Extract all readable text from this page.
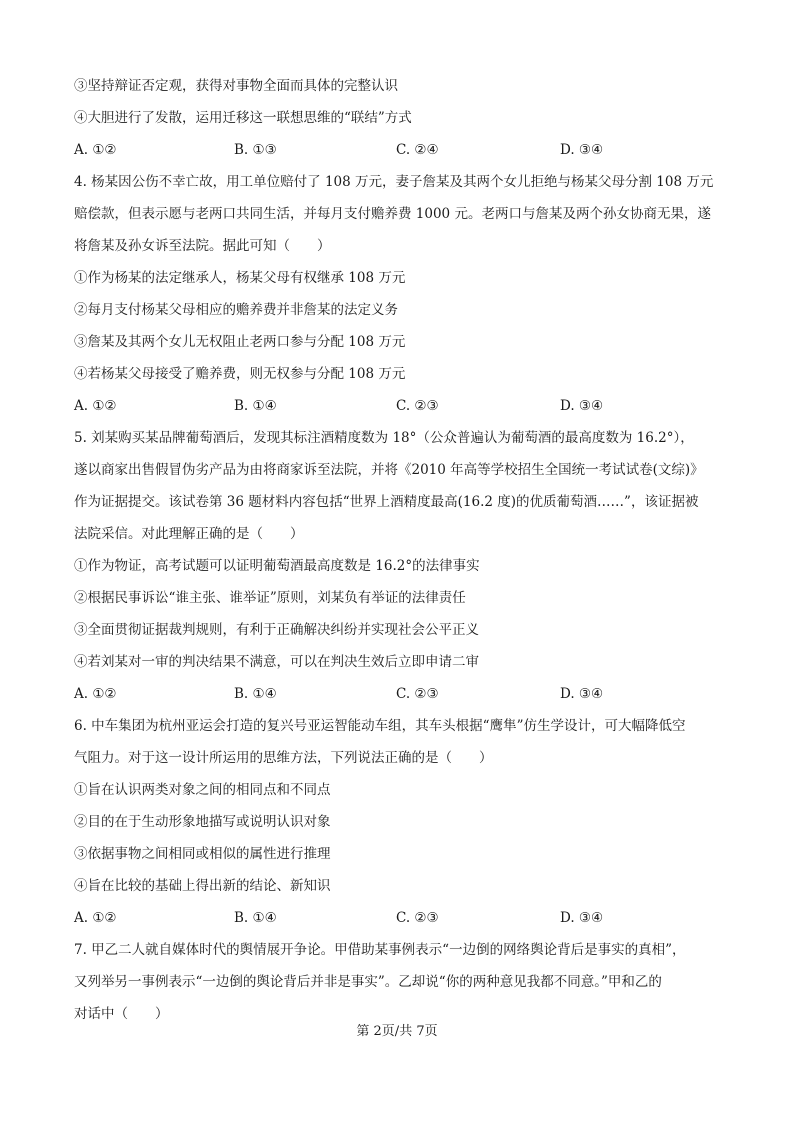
③坚持辩证否定观，获得对事物全面而具体的完整认识
④大胆进行了发散，运用迁移这一联想思维的“联结”方式
A. ①②	B. ①③	C. ②④	D. ③④
4. 杨某因公伤不幸亡故，用工单位赔付了 108 万元，妻子詹某及其两个女儿拒绝与杨某父母分割 108 万元
赔偿款，但表示愿与老两口共同生活，并每月支付赡养费 1000 元。老两口与詹某及两个孙女协商无果，遂
将詹某及孙女诉至法院。据此可知（　　）
①作为杨某的法定继承人，杨某父母有权继承 108 万元
②每月支付杨某父母相应的赡养费并非詹某的法定义务
③詹某及其两个女儿无权阻止老两口参与分配 108 万元
④若杨某父母接受了赡养费，则无权参与分配 108 万元
A. ①②	B. ①④	C. ②③	D. ③④
5. 刘某购买某品牌葡萄酒后，发现其标注酒精度数为 18°（公众普遍认为葡萄酒的最高度数为 16.2°），
遂以商家出售假冒伪劣产品为由将商家诉至法院，并将《2010 年高等学校招生全国统一考试试卷(文综)》
作为证据提交。该试卷第 36 题材料内容包括“世界上酒精度最高(16.2 度)的优质葡萄酒……”，该证据被
法院采信。对此理解正确的是（　　）
①作为物证，高考试题可以证明葡萄酒最高度数是 16.2°的法律事实
②根据民事诉讼“谁主张、谁举证”原则，刘某负有举证的法律责任
③全面贯彻证据裁判规则，有利于正确解决纠纷并实现社会公平正义
④若刘某对一审的判决结果不满意，可以在判决生效后立即申请二审
A. ①②	B. ①④	C. ②③	D. ③④
6. 中车集团为杭州亚运会打造的复兴号亚运智能动车组，其车头根据“鹰隼”仿生学设计，可大幅降低空
气阻力。对于这一设计所运用的思维方法，下列说法正确的是（　　）
①旨在认识两类对象之间的相同点和不同点
②目的在于生动形象地描写或说明认识对象
③依据事物之间相同或相似的属性进行推理
④旨在比较的基础上得出新的结论、新知识
A. ①②	B. ①④	C. ②③	D. ③④
7. 甲乙二人就自媒体时代的舆情展开争论。甲借助某事例表示“一边倒的网络舆论背后是事实的真相”，
又列举另一事例表示“一边倒的舆论背后并非是事实”。乙却说“你的两种意见我都不同意。”甲和乙的
对话中（　　）
第 2页/共 7页
